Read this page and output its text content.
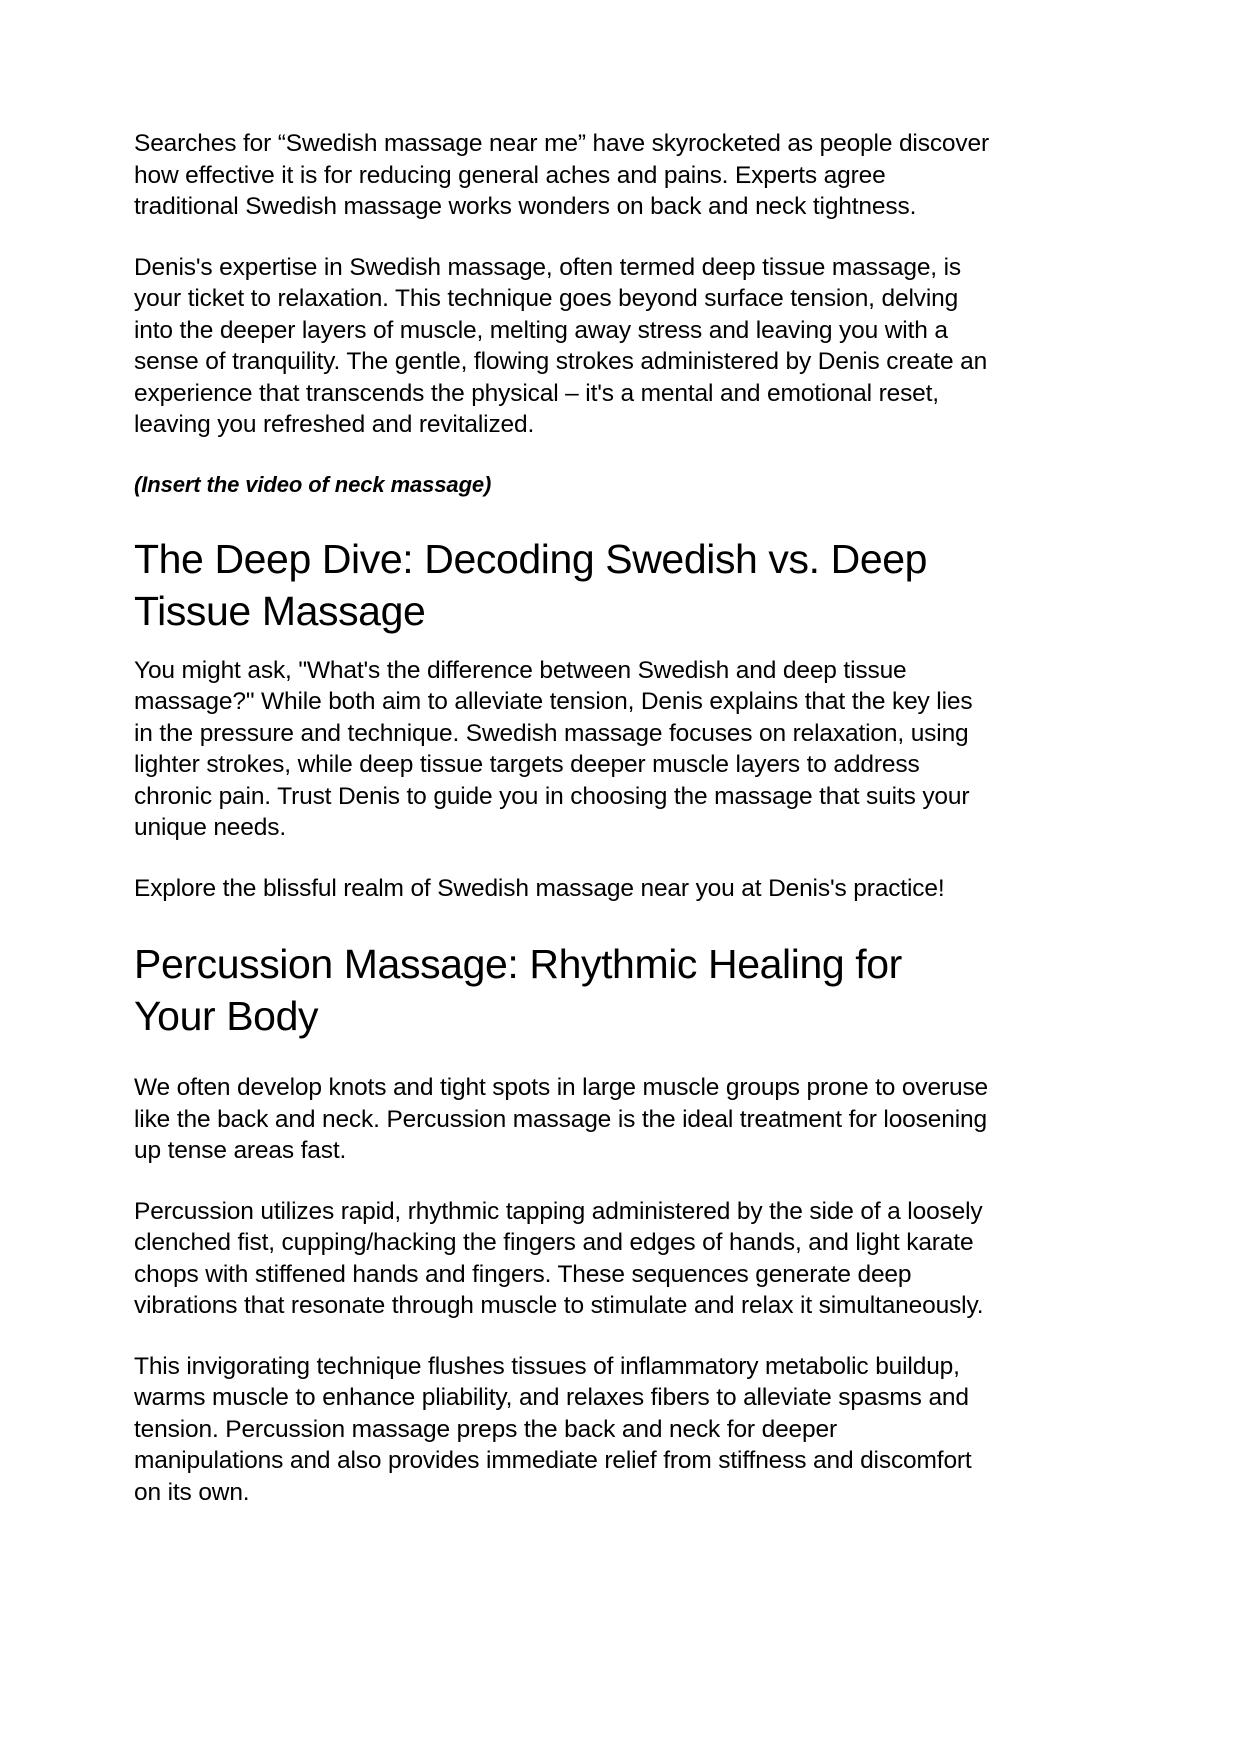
Searches for “Swedish massage near me” have skyrocketed as people discover how effective it is for reducing general aches and pains. Experts agree traditional Swedish massage works wonders on back and neck tightness.

Denis's expertise in Swedish massage, often termed deep tissue massage, is your ticket to relaxation. This technique goes beyond surface tension, delving into the deeper layers of muscle, melting away stress and leaving you with a sense of tranquility. The gentle, flowing strokes administered by Denis create an experience that transcends the physical – it's a mental and emotional reset, leaving you refreshed and revitalized.

(Insert the video of neck massage)

The Deep Dive: Decoding Swedish vs. Deep Tissue Massage

You might ask, "What's the difference between Swedish and deep tissue massage?" While both aim to alleviate tension, Denis explains that the key lies in the pressure and technique. Swedish massage focuses on relaxation, using lighter strokes, while deep tissue targets deeper muscle layers to address chronic pain. Trust Denis to guide you in choosing the massage that suits your unique needs.

Explore the blissful realm of Swedish massage near you at Denis's practice!

Percussion Massage: Rhythmic Healing for Your Body

We often develop knots and tight spots in large muscle groups prone to overuse like the back and neck. Percussion massage is the ideal treatment for loosening up tense areas fast.

Percussion utilizes rapid, rhythmic tapping administered by the side of a loosely clenched fist, cupping/hacking the fingers and edges of hands, and light karate chops with stiffened hands and fingers. These sequences generate deep vibrations that resonate through muscle to stimulate and relax it simultaneously.

This invigorating technique flushes tissues of inflammatory metabolic buildup, warms muscle to enhance pliability, and relaxes fibers to alleviate spasms and tension. Percussion massage preps the back and neck for deeper manipulations and also provides immediate relief from stiffness and discomfort on its own.
